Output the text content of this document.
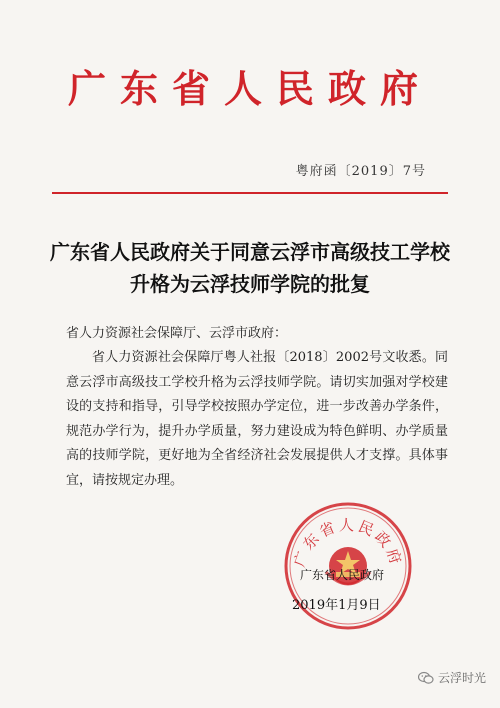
广东省人民政府
粤府函〔2019〕7号
广东省人民政府关于同意云浮市高级技工学校
升格为云浮技师学院的批复
省人力资源社会保障厅、云浮市政府：
省人力资源社会保障厅粤人社报〔2018〕2002号文收悉。同意云浮市高级技工学校升格为云浮技师学院。请切实加强对学校建设的支持和指导，引导学校按照办学定位，进一步改善办学条件，规范办学行为，提升办学质量，努力建设成为特色鲜明、办学质量高的技师学院，更好地为全省经济社会发展提供人才支撑。具体事宜，请按规定办理。
广东省人民政府
广东省人民政府
2019年1月9日
云浮时光
